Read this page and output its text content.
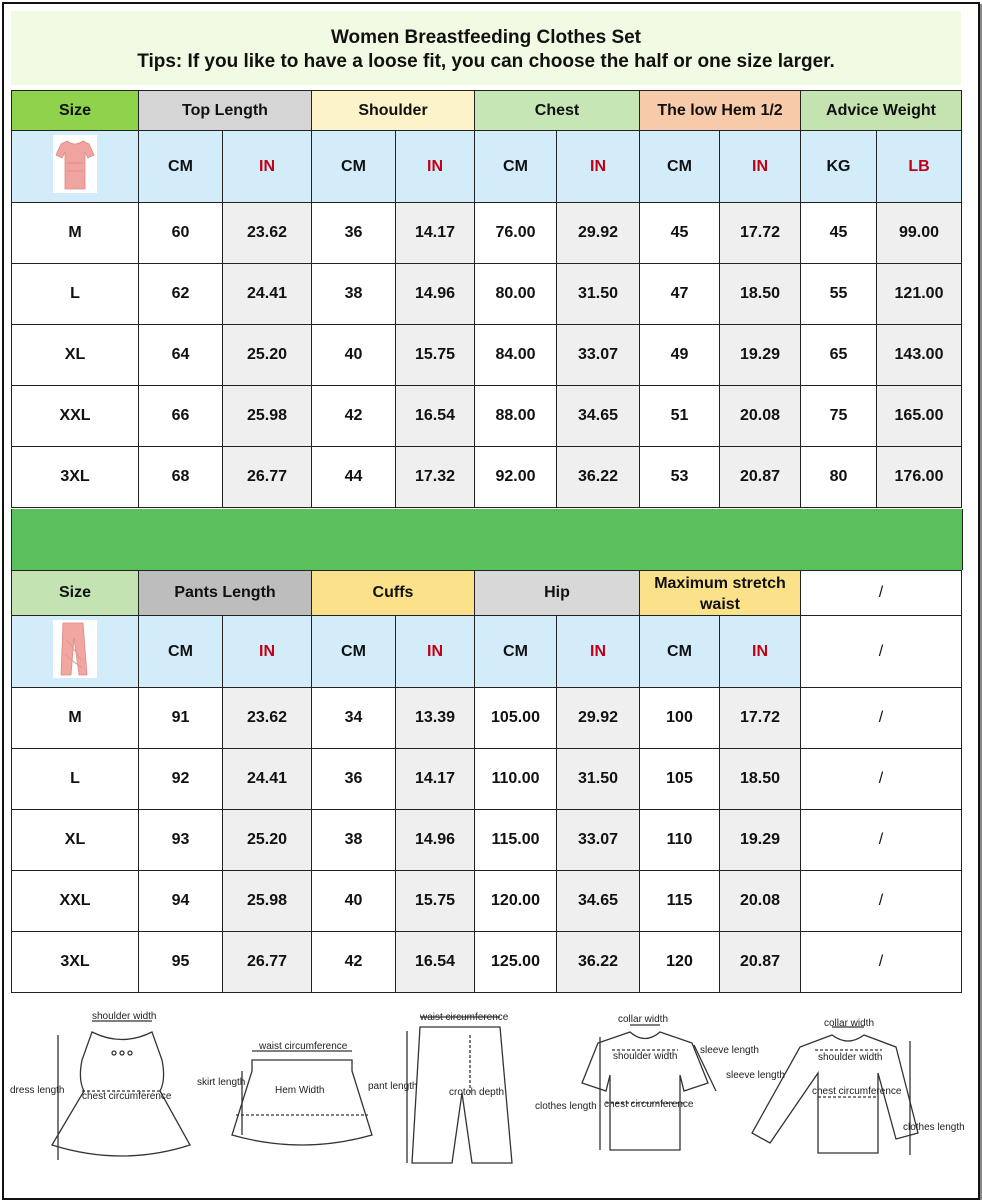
Women Breastfeeding Clothes Set
Tips: If you like to have a loose fit, you can choose the half or one size larger.
Size	Top Length		Shoulder		Chest		The low Hem 1/2		Advice Weight	
	CM	IN	CM	IN	CM	IN	CM	IN	KG	LB
M	60	23.62	36	14.17	76.00	29.92	45	17.72	45	99.00
L	62	24.41	38	14.96	80.00	31.50	47	18.50	55	121.00
XL	64	25.20	40	15.75	84.00	33.07	49	19.29	65	143.00
XXL	66	25.98	42	16.54	88.00	34.65	51	20.08	75	165.00
3XL	68	26.77	44	17.32	92.00	36.22	53	20.87	80	176.00
Size	Pants Length		Cuffs		Hip		Maximum stretch waist		/
	CM	IN	CM	IN	CM	IN	CM	IN	/
M	91	23.62	34	13.39	105.00	29.92	100	17.72	/
L	92	24.41	36	14.17	110.00	31.50	105	18.50	/
XL	93	25.20	38	14.96	115.00	33.07	110	19.29	/
XXL	94	25.98	40	15.75	120.00	34.65	115	20.08	/
3XL	95	26.77	42	16.54	125.00	36.22	120	20.87	/
shoulder width
dress length
chest circumference
waist circumference
skirt length
Hem Width
waist circumference
pant length
crotch depth
collar width
shoulder width
sleeve length
sleeve length
clothes length chest circumference
collar width
shoulder width
chest circumference
clothes length
